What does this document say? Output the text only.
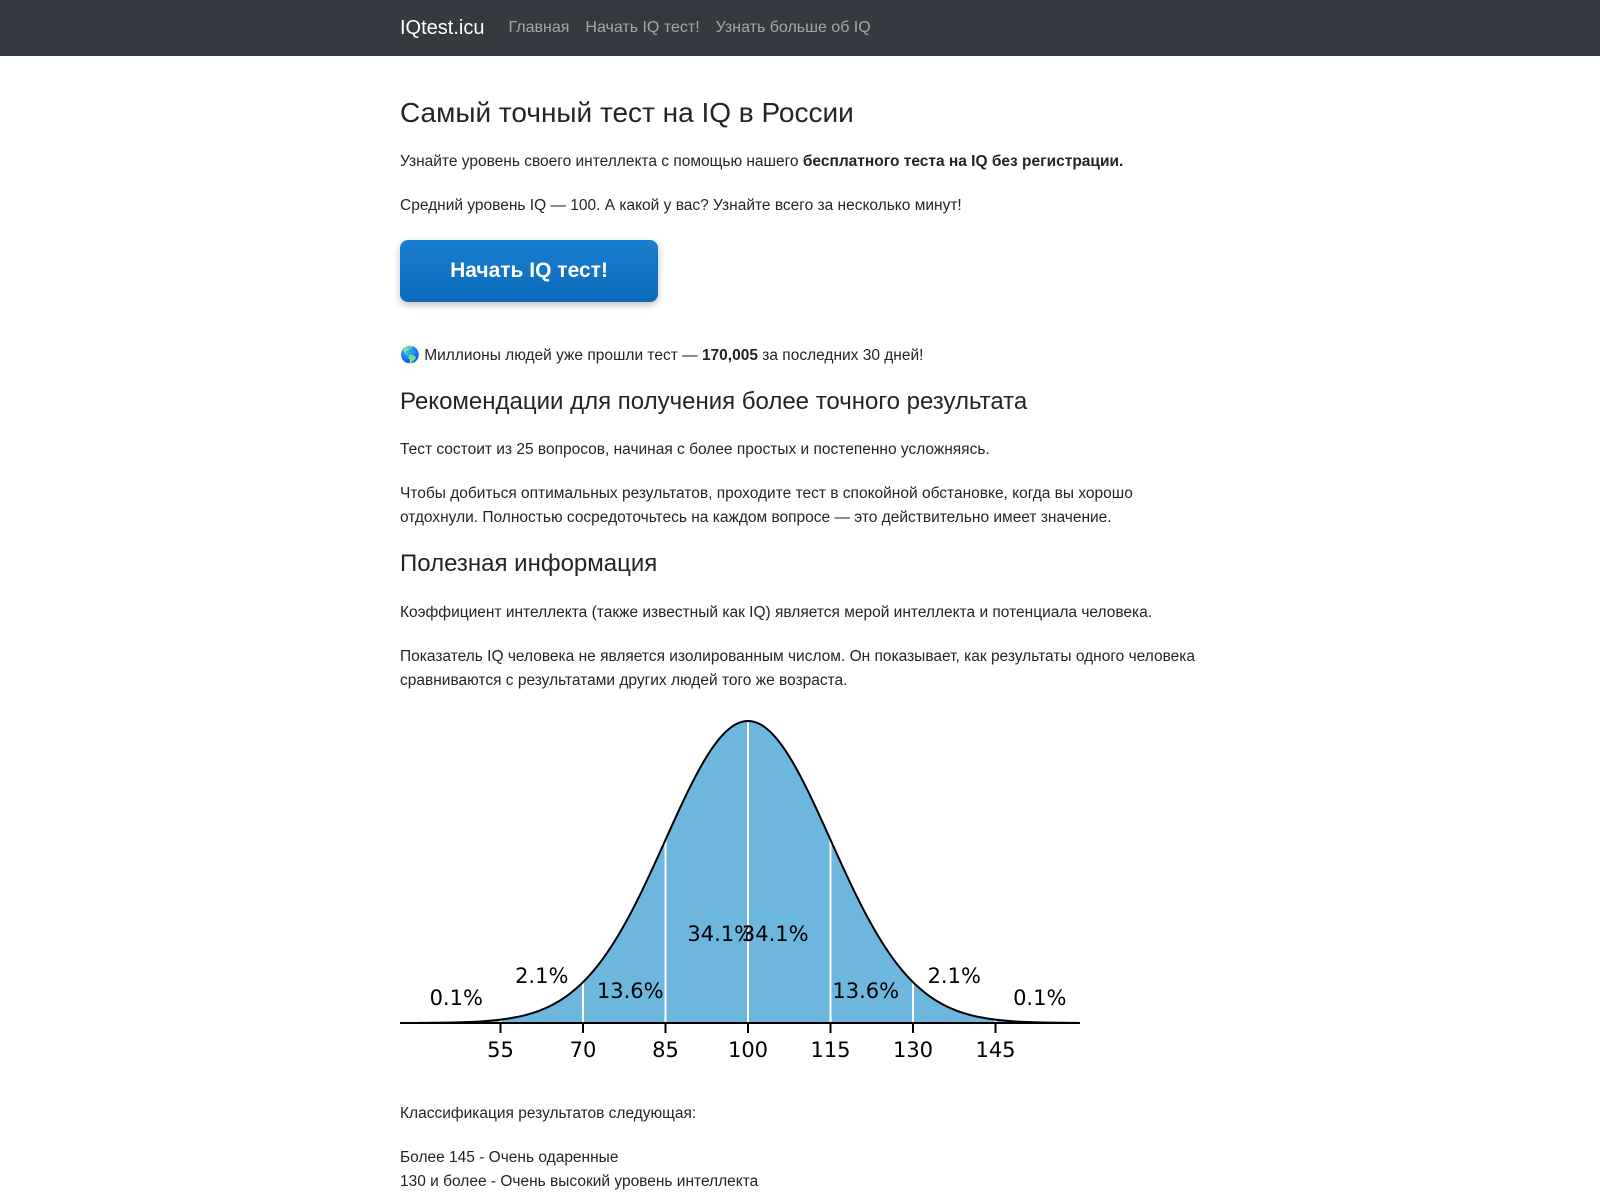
IQtest.icu Главная Начать IQ тест! Узнать больше об IQ
Самый точный тест на IQ в России

Узнайте уровень своего интеллекта с помощью нашего бесплатного теста на IQ без регистрации.

Средний уровень IQ — 100. А какой у вас? Узнайте всего за несколько минут!

Начать IQ тест!

🌎 Миллионы людей уже прошли тест — 170,005 за последних 30 дней!

Рекомендации для получения более точного результата

Тест состоит из 25 вопросов, начиная с более простых и постепенно усложняясь.

Чтобы добиться оптимальных результатов, проходите тест в спокойной обстановке, когда вы хорошо отдохнули. Полностью сосредоточьтесь на каждом вопросе — это действительно имеет значение.

Полезная информация

Коэффициент интеллекта (также известный как IQ) является мерой интеллекта и потенциала человека.

Показатель IQ человека не является изолированным числом. Он показывает, как результаты одного человека сравниваются с результатами других людей того же возраста.

55	70	85 100 115 130 145
0.1%
2.1%
13.6%
34.1%
34.1%
13.6%
2.1%
0.1%

Классификация результатов следующая:

Более 145 - Очень одаренные

130 и более - Очень высокий уровень интеллекта
